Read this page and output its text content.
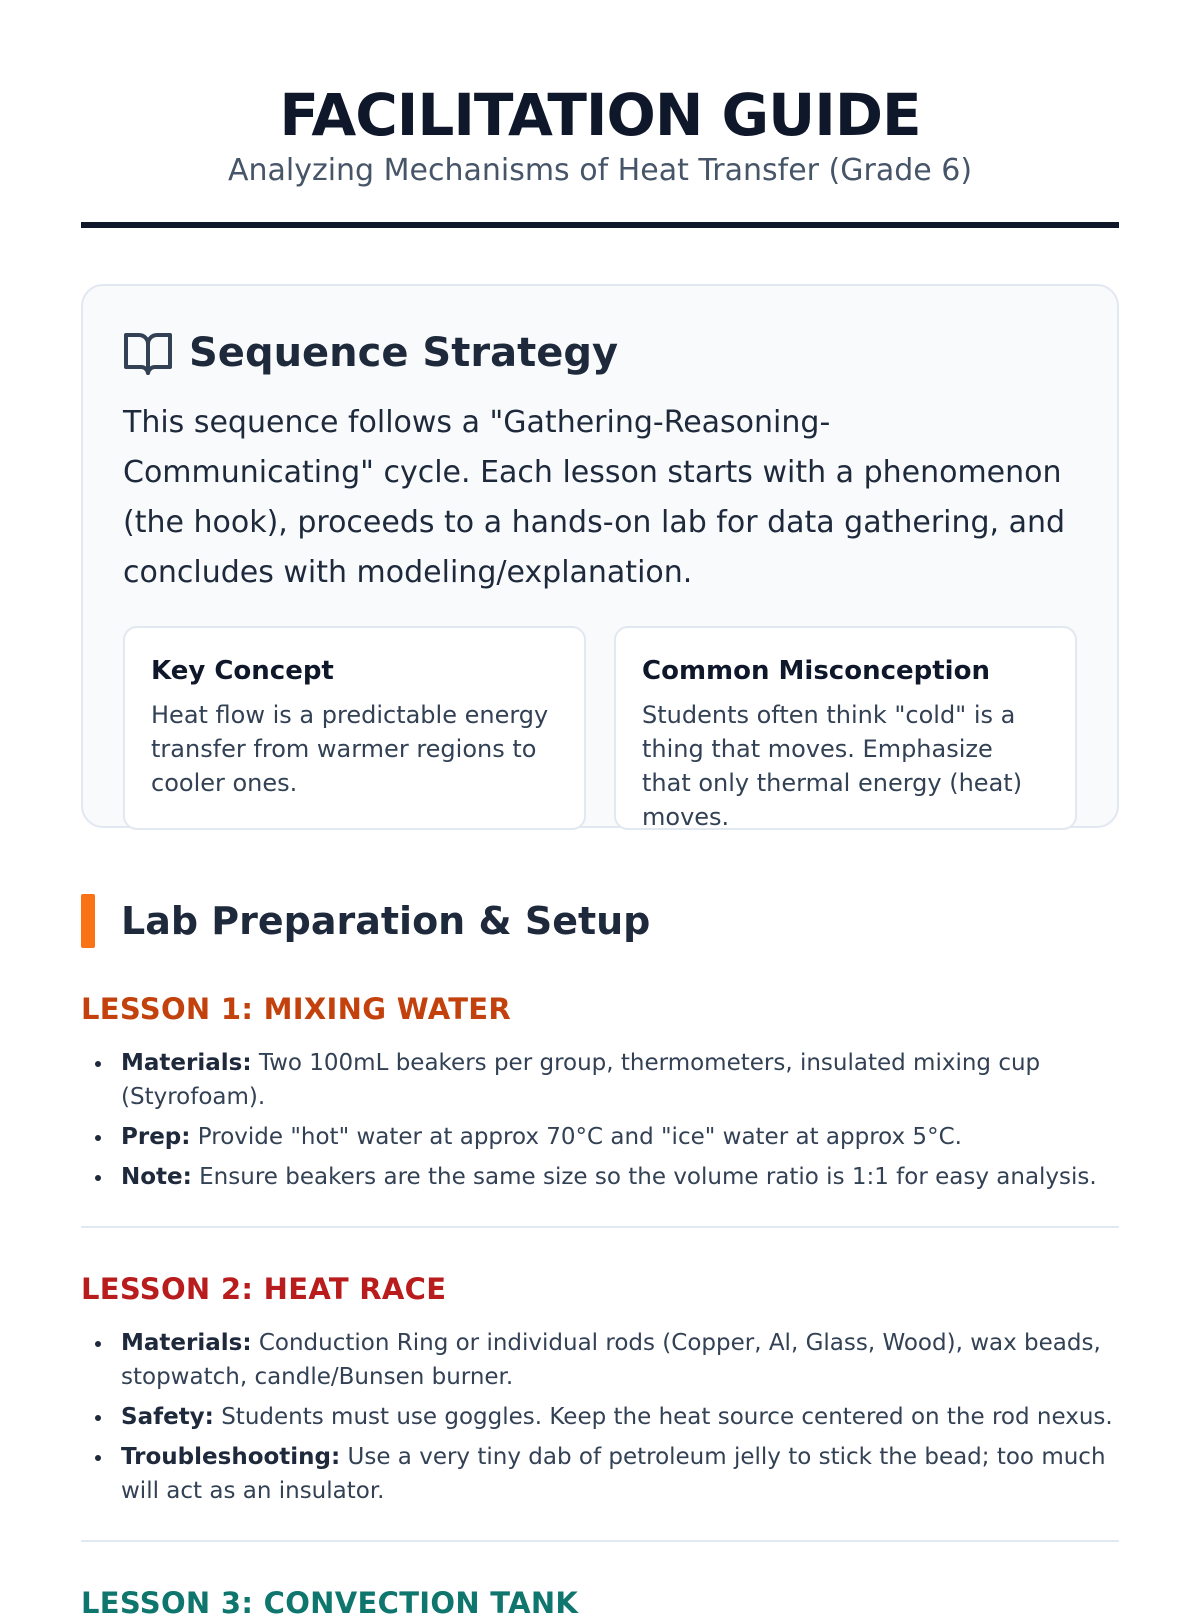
FACILITATION GUIDE
Analyzing Mechanisms of Heat Transfer (Grade 6)
Sequence Strategy

This sequence follows a "Gathering-Reasoning-Communicating" cycle. Each lesson starts with a phenomenon (the hook), proceeds to a hands-on lab for data gathering, and concludes with modeling/explanation.

Key Concept
Heat flow is a predictable energy transfer from warmer regions to cooler ones.
Common Misconception
Students often think "cold" is a thing that moves. Emphasize that only thermal energy (heat) moves.
Lab Preparation & Setup
LESSON 1: MIXING WATER
Materials: Two 100mL beakers per group, thermometers, insulated mixing cup (Styrofoam).
Prep: Provide "hot" water at approx 70°C and "ice" water at approx 5°C.
Note: Ensure beakers are the same size so the volume ratio is 1:1 for easy analysis.
LESSON 2: HEAT RACE
Materials: Conduction Ring or individual rods (Copper, Al, Glass, Wood), wax beads, stopwatch, candle/Bunsen burner.
Safety: Students must use goggles. Keep the heat source centered on the rod nexus.
Troubleshooting: Use a very tiny dab of petroleum jelly to stick the bead; too much will act as an insulator.
LESSON 3: CONVECTION TANK
